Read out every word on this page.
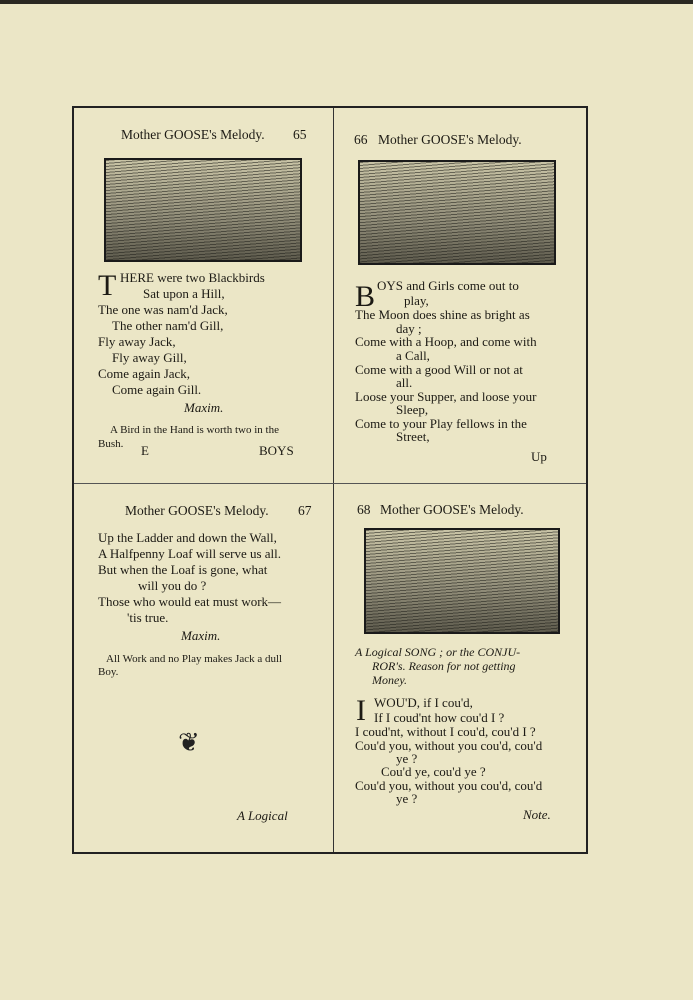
Mother GOOSE's Melody. 65
T HERE were two Blackbirds
Sat upon a Hill,
The one was nam'd Jack,
The other nam'd Gill,
Fly away Jack,
Fly away Gill,
Come again Jack,
Come again Gill.
Maxim.
A Bird in the Hand is worth two in the
Bush. E	BOYS
66 Mother GOOSE's Melody.
B OYS and Girls come out to
play,
The Moon does shine as bright as
day ;
Come with a Hoop, and come with
a Call,
Come with a good Will or not at
all.
Loose your Supper, and loose your
Sleep,
Come to your Play fellows in the
Street,
Up
Mother GOOSE's Melody. 67
Up the Ladder and down the Wall,
A Halfpenny Loaf will serve us all.
But when the Loaf is gone, what
will you do ?
Those who would eat must work—
'tis true.
Maxim.
All Work and no Play makes Jack a dull
Boy.
❦
A Logical
68 Mother GOOSE's Melody.
A Logical SONG ; or the CONJU-
ROR's. Reason for not getting
Money.
I WOU'D, if I cou'd,
If I coud'nt how cou'd I ?
I coud'nt, without I cou'd, cou'd I ?
Cou'd you, without you cou'd, cou'd
ye ?
Cou'd ye, cou'd ye ?
Cou'd you, without you cou'd, cou'd
ye ?
Note.
